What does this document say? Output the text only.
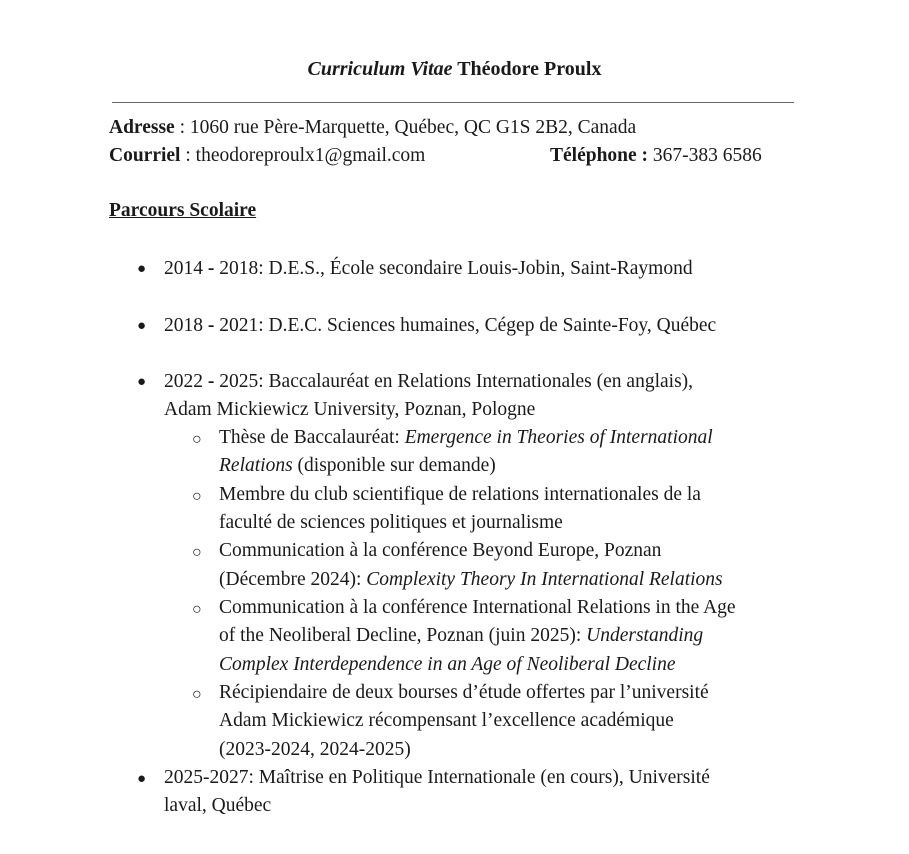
Curriculum Vitae Théodore Proulx
Adresse : 1060 rue Père-Marquette, Québec, QC G1S 2B2, Canada
Courriel : theodoreproulx1@gmail.com	Téléphone : 367-383 6586
Parcours Scolaire
● 2014 - 2018: D.E.S., École secondaire Louis-Jobin, Saint-Raymond
● 2018 - 2021: D.E.C. Sciences humaines, Cégep de Sainte-Foy, Québec
● 2022 - 2025: Baccalauréat en Relations Internationales (en anglais),
Adam Mickiewicz University, Poznan, Pologne
○ Thèse de Baccalauréat: Emergence in Theories of International
Relations (disponible sur demande)
○ Membre du club scientifique de relations internationales de la
faculté de sciences politiques et journalisme
○ Communication à la conférence Beyond Europe, Poznan
(Décembre 2024): Complexity Theory In International Relations
○ Communication à la conférence International Relations in the Age
of the Neoliberal Decline, Poznan (juin 2025): Understanding
Complex Interdependence in an Age of Neoliberal Decline
○ Récipiendaire de deux bourses d’étude offertes par l’université
Adam Mickiewicz récompensant l’excellence académique
(2023-2024, 2024-2025)
● 2025-2027: Maîtrise en Politique Internationale (en cours), Université
laval, Québec
